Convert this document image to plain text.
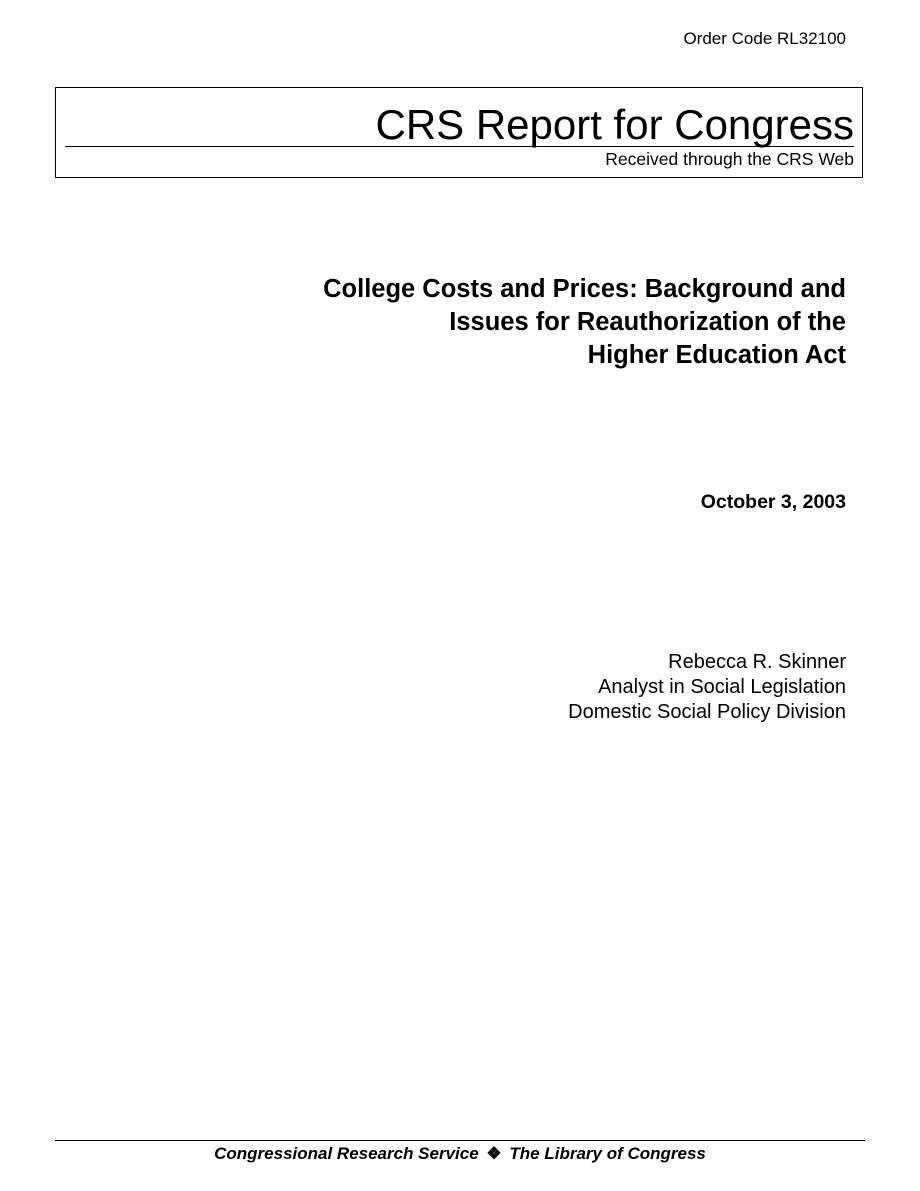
Order Code RL32100
CRS Report for Congress
Received through the CRS Web
College Costs and Prices: Background and
Issues for Reauthorization of the
Higher Education Act
October 3, 2003
Rebecca R. Skinner
Analyst in Social Legislation
Domestic Social Policy Division
Congressional Research Service ❖ The Library of Congress
